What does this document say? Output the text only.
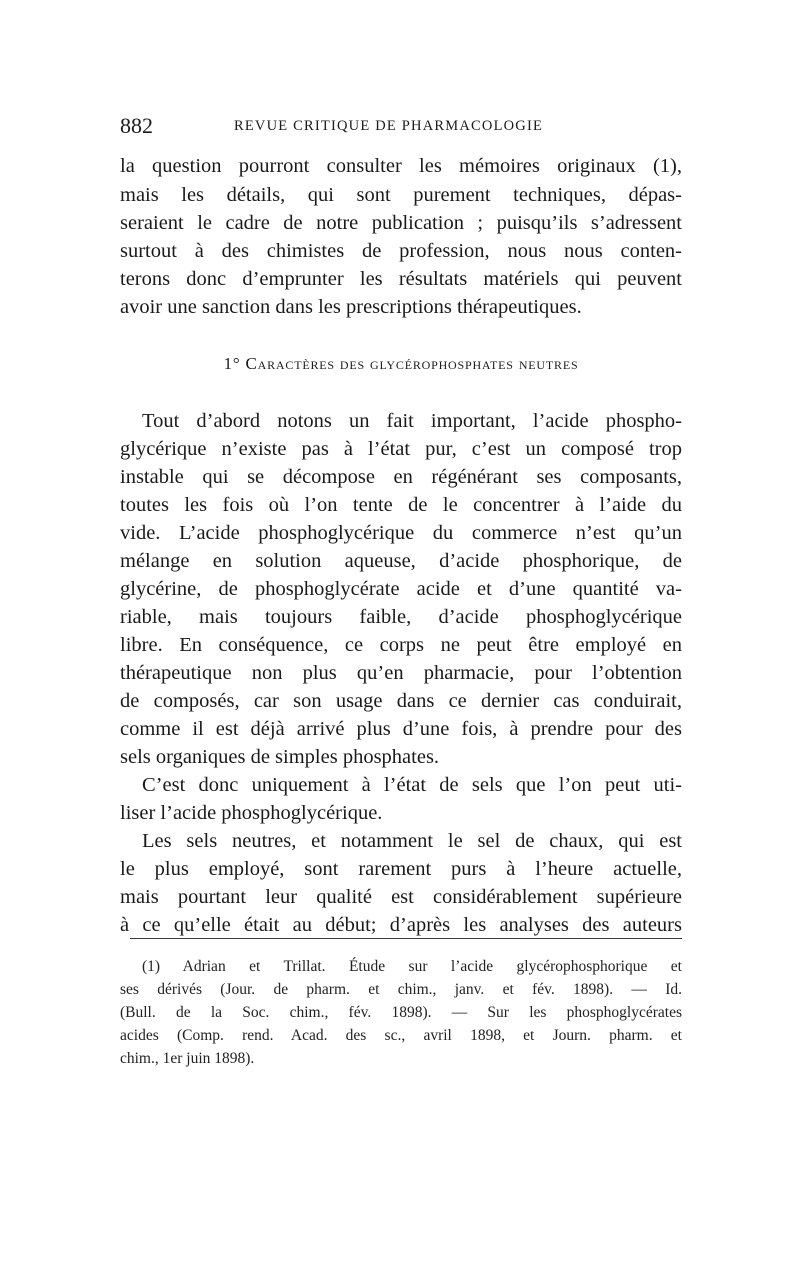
882	REVUE CRITIQUE DE PHARMACOLOGIE
la question pourront consulter les mémoires originaux (1),
mais les détails, qui sont purement techniques, dépas-
seraient le cadre de notre publication ; puisqu’ils s’adressent
surtout à des chimistes de profession, nous nous conten-
terons donc d’emprunter les résultats matériels qui peuvent
avoir une sanction dans les prescriptions thérapeutiques.
1° Caractères des glycérophosphates neutres
Tout d’abord notons un fait important, l’acide phospho-
glycérique n’existe pas à l’état pur, c’est un composé trop
instable qui se décompose en régénérant ses composants,
toutes les fois où l’on tente de le concentrer à l’aide du
vide. L’acide phosphoglycérique du commerce n’est qu’un
mélange en solution aqueuse, d’acide phosphorique, de
glycérine, de phosphoglycérate acide et d’une quantité va-
riable, mais toujours faible, d’acide phosphoglycérique
libre. En conséquence, ce corps ne peut être employé en
thérapeutique non plus qu’en pharmacie, pour l’obtention
de composés, car son usage dans ce dernier cas conduirait,
comme il est déjà arrivé plus d’une fois, à prendre pour des
sels organiques de simples phosphates.
C’est donc uniquement à l’état de sels que l’on peut uti-
liser l’acide phosphoglycérique.
Les sels neutres, et notamment le sel de chaux, qui est
le plus employé, sont rarement purs à l’heure actuelle,
mais pourtant leur qualité est considérablement supérieure
à ce qu’elle était au début; d’après les analyses des auteurs
(1) Adrian et Trillat. Étude sur l’acide glycérophosphorique et
ses dérivés (Jour. de pharm. et chim., janv. et fév. 1898). — Id.
(Bull. de la Soc. chim., fév. 1898). — Sur les phosphoglycérates
acides (Comp. rend. Acad. des sc., avril 1898, et Journ. pharm. et
chim., 1er juin 1898).
